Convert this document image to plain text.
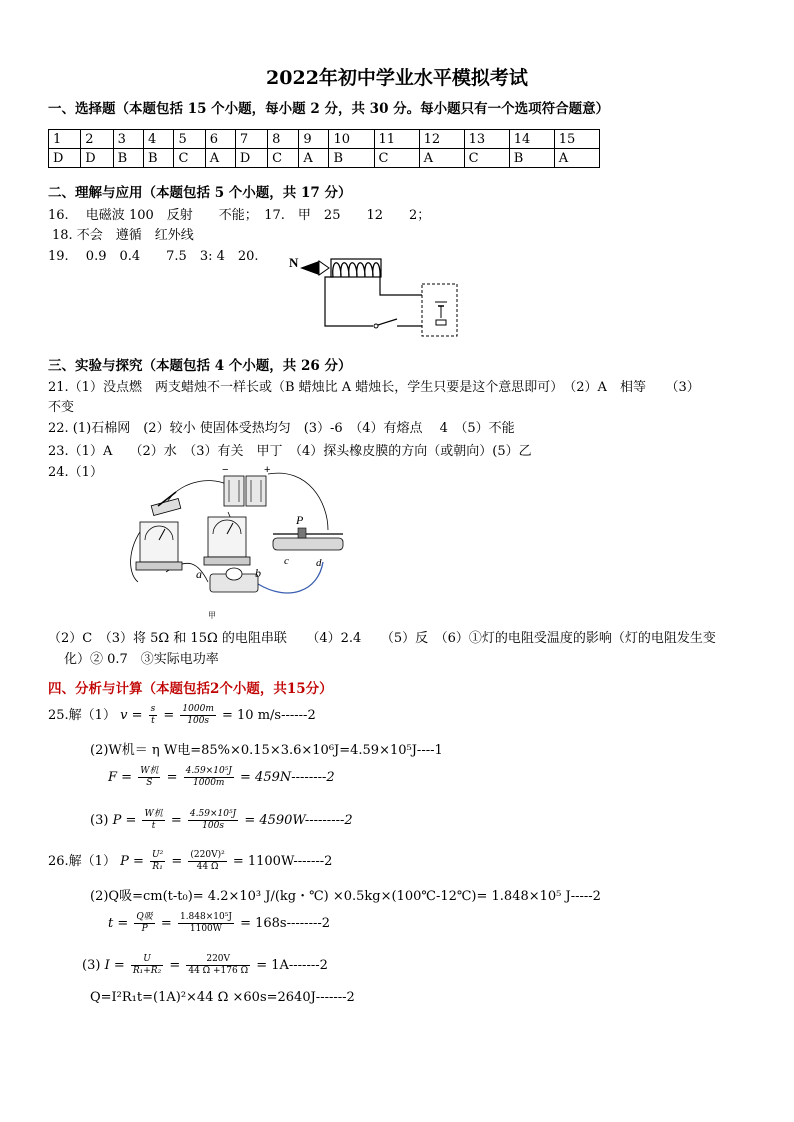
2022年初中学业水平模拟考试
一、选择题（本题包括 15 个小题，每小题 2 分，共 30 分。每小题只有一个选项符合题意）
1	2	3	4	5	6	7	8	9	10	11	12	13	14	15
D	D	B	B	C	A	D	C	A	B	C	A	C	B	A
二、理解与应用（本题包括 5 个小题，共 17 分）
16.　 电磁波 100　反射　　不能；　17.　甲　25　　12　　2；
18. 不会　遵循　红外线
19.　 0.9　0.4　　7.5　3: 4　20. N
三、实验与探究（本题包括 4 个小题，共 26 分）
21.（1）没点燃　两支蜡烛不一样长或（B 蜡烛比 A 蜡烛长，学生只要是这个意思即可）　（2）A　相等　　（3）
不变
22. (1)石棉网　(2）较小 使固体受热均匀　(3）-6　（4）有熔点　 4　（5）不能
23.（1）A　 （2）水　（3）有关　甲丁　（4）探头橡皮膜的方向（或朝向）(5）乙
24.（1）	−	+
P
c d
a	b
甲
（2）C　（3）将 5Ω 和 15Ω 的电阻串联　　（4）2.4　　（5）反　（6）①灯的电阻受温度的影响（灯的电阻发生变
化）② 0.7　③实际电功率
四、分析与计算（本题包括2个小题，共15分）
25.解（1） $v = \frac{s}{t} = \frac{1000m}{100s} = 10$ m/s------2
(2)W机＝ η W电=85%×0.15×3.6×10⁶J=4.59×10⁵J----1
$F = \frac{\text{W机}}{S} = \frac{\text{4.59×10⁵J}}{1000m} = 459N--------2$
(3) $P = \frac{\text{W机}}{t} = \frac{\text{4.59×10⁵J}}{100s} = 4590W---------2$
26.解（1） $P = \frac{\text{U²}}{\text{R₁}} = \frac{\text{(220V)²}}{44 \Omega} = 1100W-------2$
(2)Q吸=cm(t-t₀)= 4.2×10³ J/(kg・℃) ×0.5kg×(100℃-12℃)= 1.848×10⁵ J-----2
$t = \frac{\text{Q吸}}{P} = \frac{\text{1.848×10⁵J}}{1100W} = 168s--------2$
(3) $I = \frac{U}{\text{R₁+R₂}} = \frac{220V}{44 \Omega +176 \Omega} = 1A-------2$
Q=I²R₁t=(1A)²×44 Ω ×60s=2640J-------2
